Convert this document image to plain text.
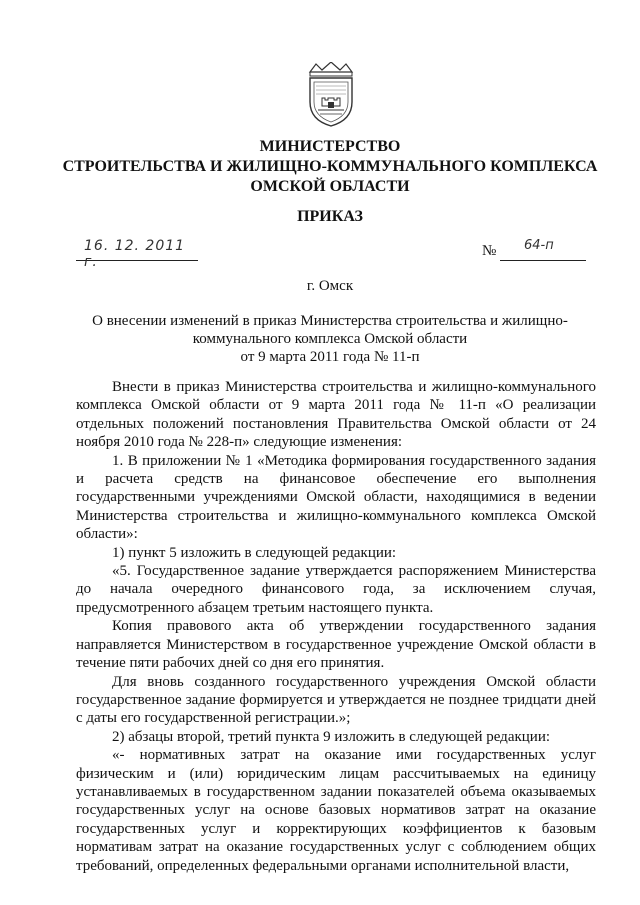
МИНИСТЕРСТВО
СТРОИТЕЛЬСТВА И ЖИЛИЩНО-КОММУНАЛЬНОГО КОМПЛЕКСА
ОМСКОЙ ОБЛАСТИ
ПРИКАЗ
16. 12. 2011 г.
№ 64-п
г. Омск
О внесении изменений в приказ Министерства строительства и жилищно-
коммунального комплекса Омской области
от 9 марта 2011 года № 11-п

Внести в приказ Министерства строительства и жилищно-коммунального комплекса Омской области от 9 марта 2011 года № 11-п «О реализации отдельных положений постановления Правительства Омской области от 24 ноября 2010 года № 228-п» следующие изменения:

1. В приложении № 1 «Методика формирования государственного задания и расчета средств на финансовое обеспечение его выполнения государственными учреждениями Омской области, находящимися в ведении Министерства строительства и жилищно-коммунального комплекса Омской области»:

1) пункт 5 изложить в следующей редакции:

«5. Государственное задание утверждается распоряжением Министерства до начала очередного финансового года, за исключением случая, предусмотренного абзацем третьим настоящего пункта.

Копия правового акта об утверждении государственного задания направляется Министерством в государственное учреждение Омской области в течение пяти рабочих дней со дня его принятия.

Для вновь созданного государственного учреждения Омской области государственное задание формируется и утверждается не позднее тридцати дней с даты его государственной регистрации.»;

2) абзацы второй, третий пункта 9 изложить в следующей редакции:

«- нормативных затрат на оказание ими государственных услуг физическим и (или) юридическим лицам рассчитываемых на единицу устанавливаемых в государственном задании показателей объема оказываемых государственных услуг на основе базовых нормативов затрат на оказание государственных услуг и корректирующих коэффициентов к базовым нормативам затрат на оказание государственных услуг с соблюдением общих требований, определенных федеральными органами исполнительной власти,
